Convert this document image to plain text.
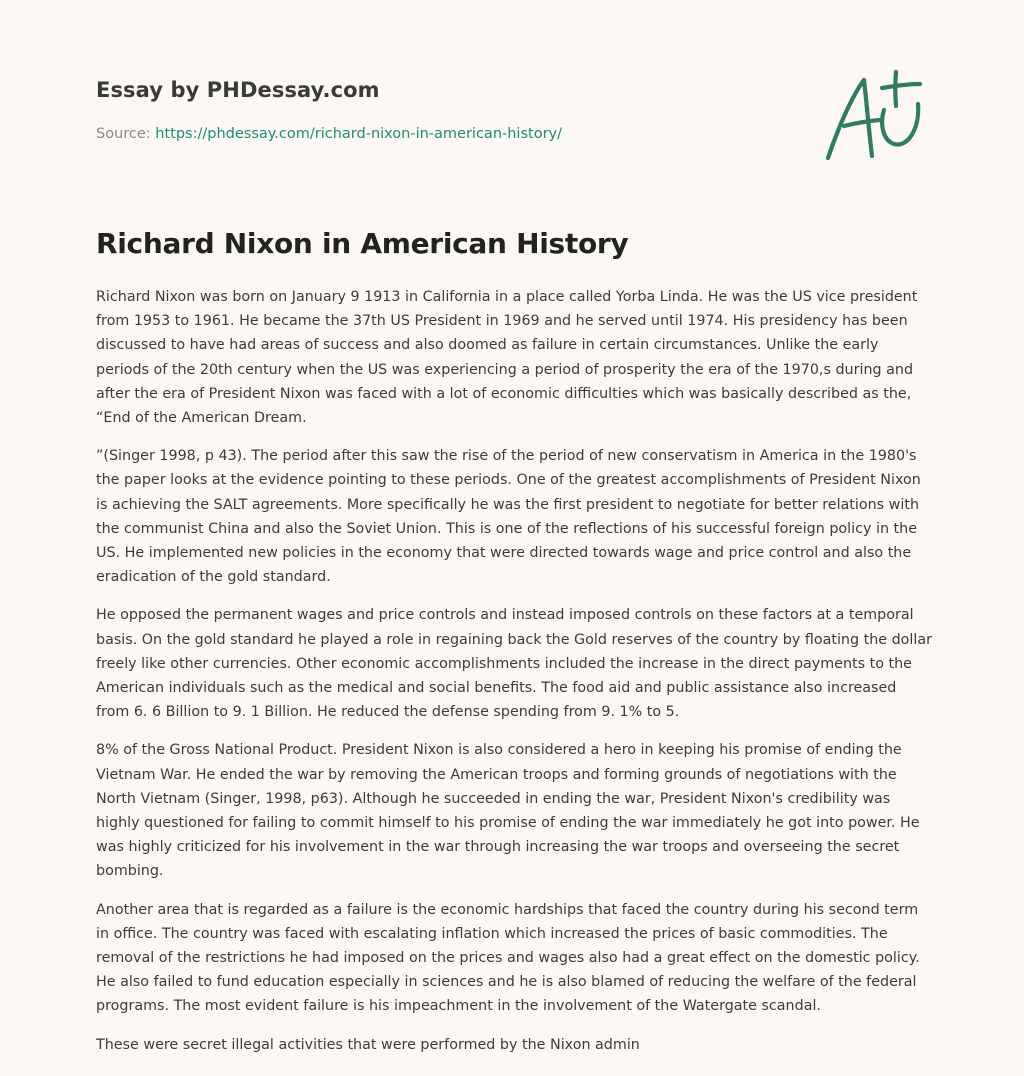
Essay by PHDessay.com
Source: https://phdessay.com/richard-nixon-in-american-history/
Richard Nixon in American History

Richard Nixon was born on January 9 1913 in California in a place called Yorba Linda. He was the US vice president from 1953 to 1961. He became the 37th US President in 1969 and he served until 1974. His presidency has been discussed to have had areas of success and also doomed as failure in certain circumstances. Unlike the early periods of the 20th century when the US was experiencing a period of prosperity the era of the 1970,s during and after the era of President Nixon was faced with a lot of economic difficulties which was basically described as the, “End of the American Dream.

”(Singer 1998, p 43). The period after this saw the rise of the period of new conservatism in America in the 1980's the paper looks at the evidence pointing to these periods. One of the greatest accomplishments of President Nixon is achieving the SALT agreements. More specifically he was the first president to negotiate for better relations with the communist China and also the Soviet Union. This is one of the reflections of his successful foreign policy in the US. He implemented new policies in the economy that were directed towards wage and price control and also the eradication of the gold standard.

He opposed the permanent wages and price controls and instead imposed controls on these factors at a temporal basis. On the gold standard he played a role in regaining back the Gold reserves of the country by floating the dollar freely like other currencies. Other economic accomplishments included the increase in the direct payments to the American individuals such as the medical and social benefits. The food aid and public assistance also increased from 6. 6 Billion to 9. 1 Billion. He reduced the defense spending from 9. 1% to 5.

8% of the Gross National Product. President Nixon is also considered a hero in keeping his promise of ending the Vietnam War. He ended the war by removing the American troops and forming grounds of negotiations with the North Vietnam (Singer, 1998, p63). Although he succeeded in ending the war, President Nixon's credibility was highly questioned for failing to commit himself to his promise of ending the war immediately he got into power. He was highly criticized for his involvement in the war through increasing the war troops and overseeing the secret bombing.

Another area that is regarded as a failure is the economic hardships that faced the country during his second term in office. The country was faced with escalating inflation which increased the prices of basic commodities. The removal of the restrictions he had imposed on the prices and wages also had a great effect on the domestic policy. He also failed to fund education especially in sciences and he is also blamed of reducing the welfare of the federal programs. The most evident failure is his impeachment in the involvement of the Watergate scandal.

These were secret illegal activities that were performed by the Nixon admin
